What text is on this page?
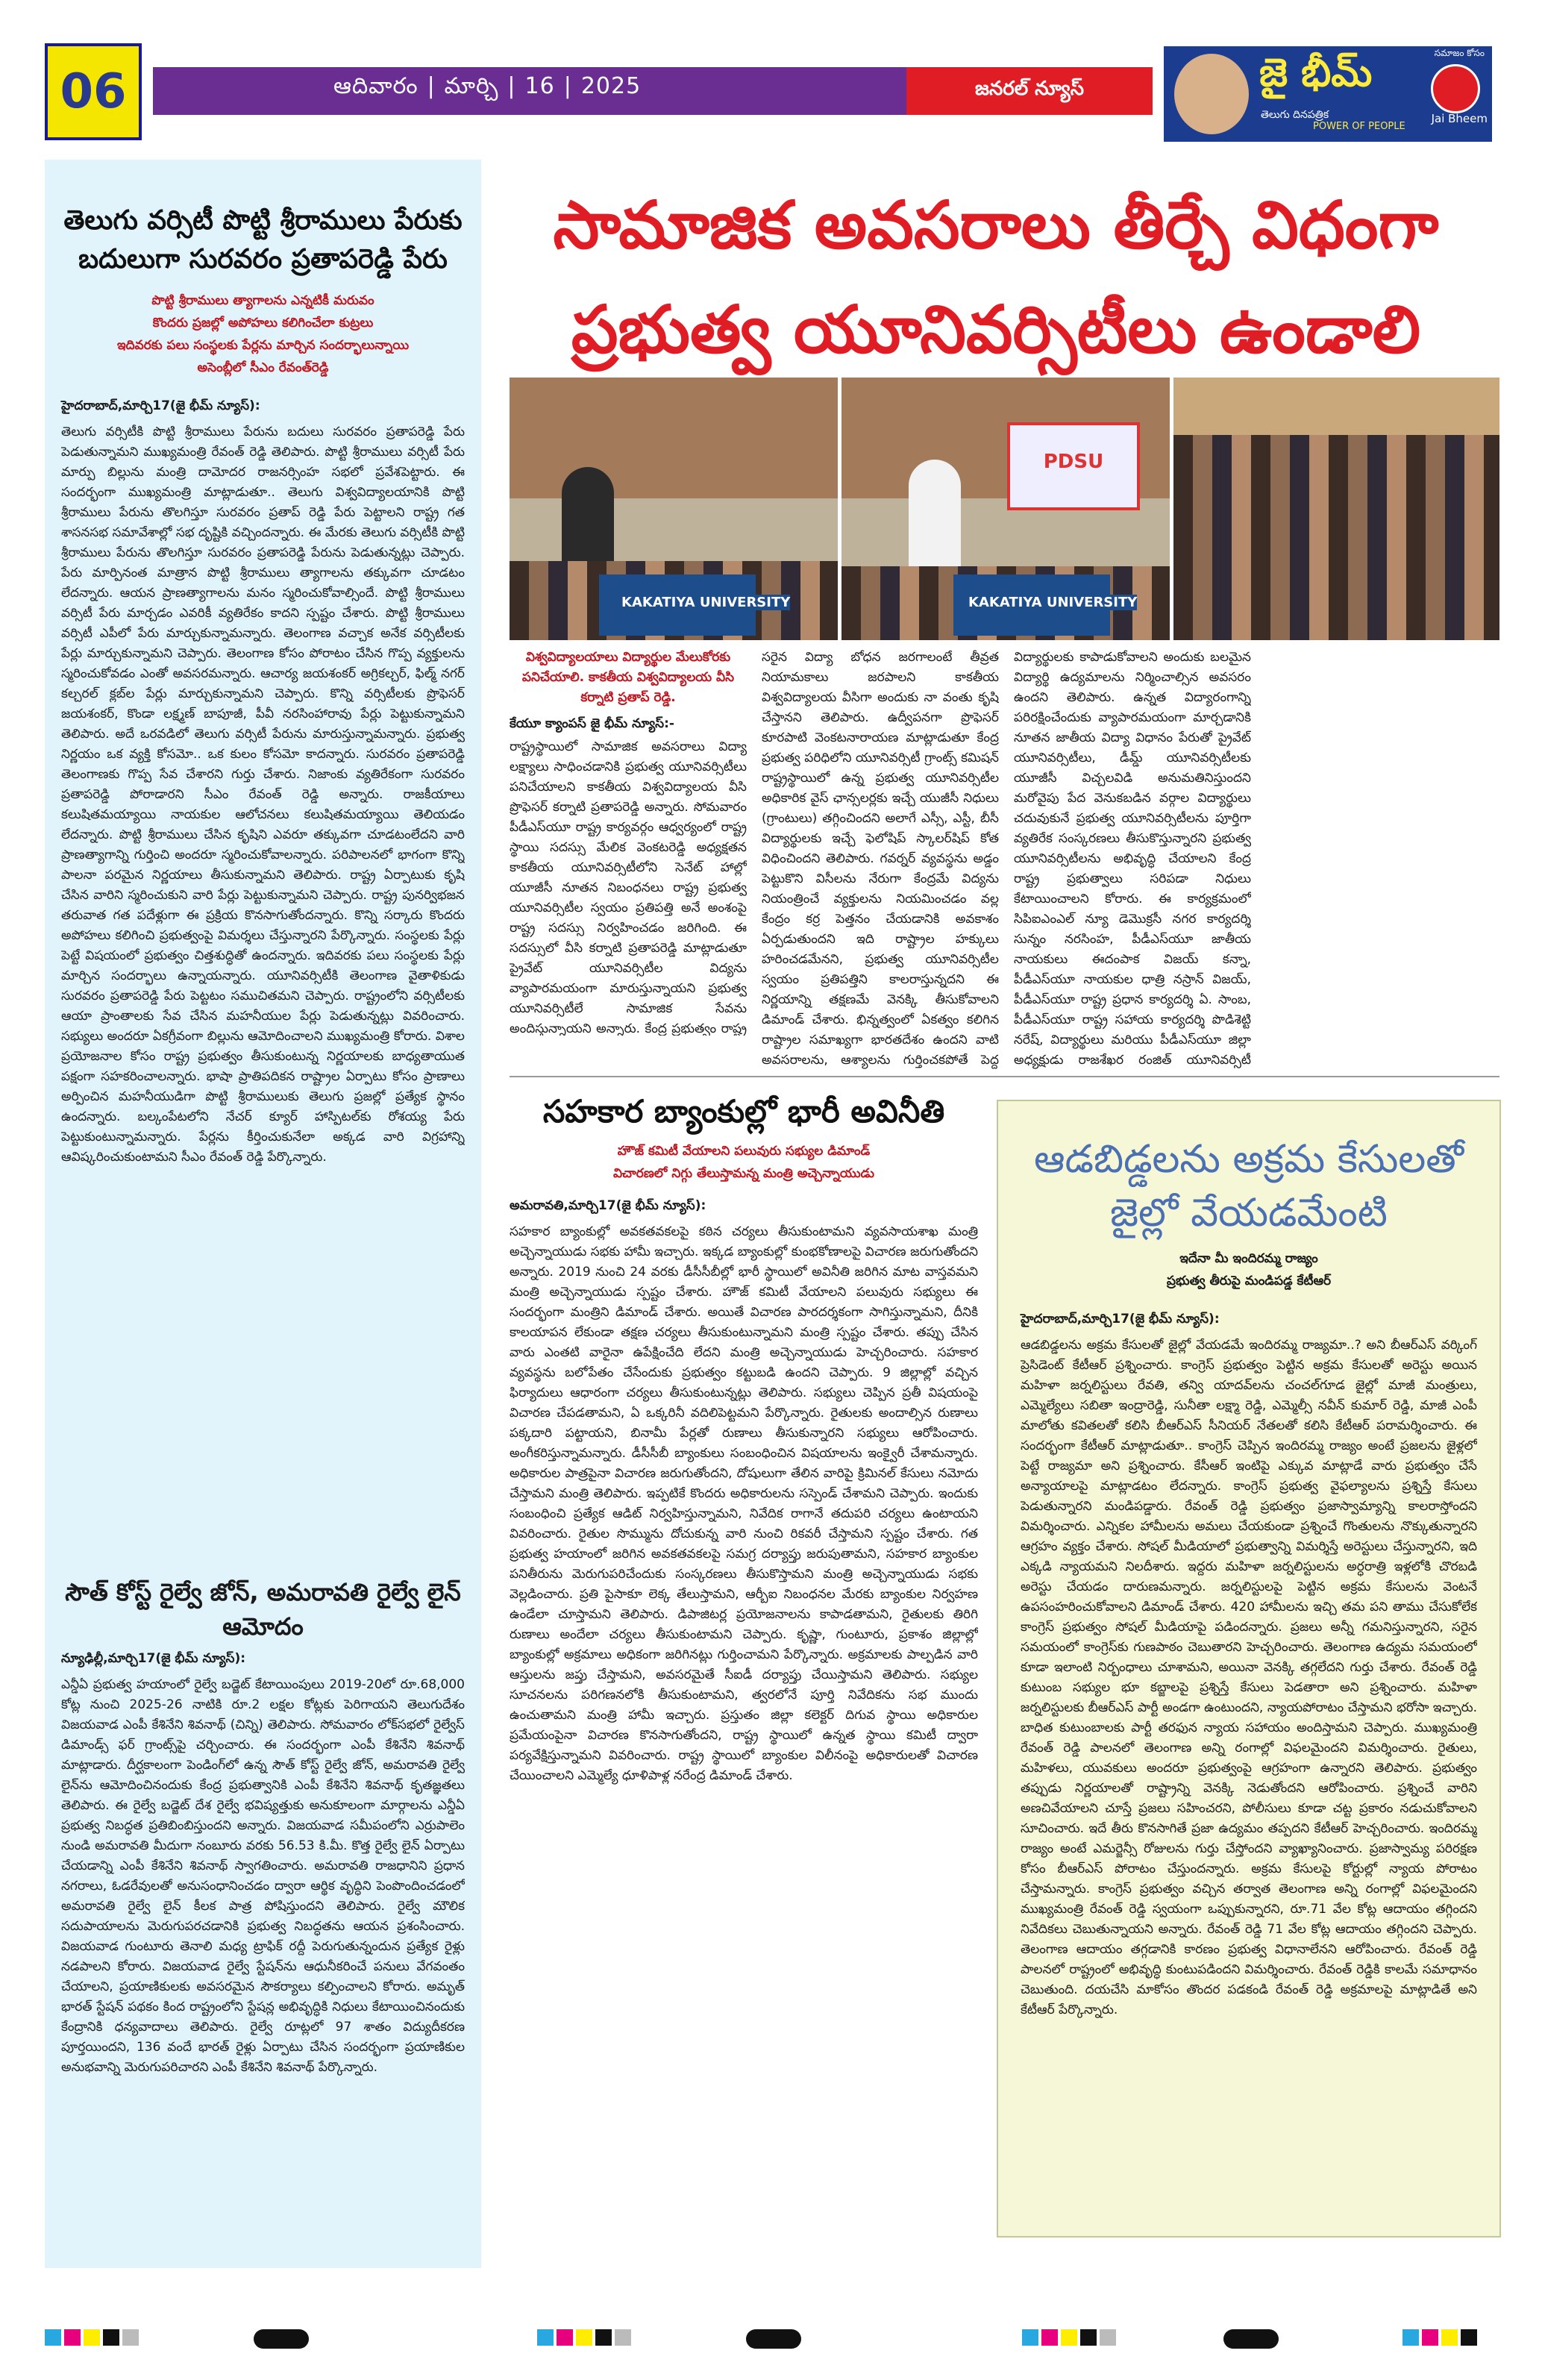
06	ఆదివారం | మార్చి | 16 | 2025	జనరల్ న్యూస్	జై భీమ్
తెలుగు దినపత్రిక
సమాజం కోసం
Jai Bheem
POWER OF PEOPLE
తెలుగు వర్సిటీ పొట్టి శ్రీరాములు పేరుకు బదులుగా సురవరం ప్రతాపరెడ్డి పేరు
పొట్టి శ్రీరాములు త్యాగాలను ఎన్నటికీ మరువం
కొందరు ప్రజల్లో అపోహలు కలిగించేలా కుట్రలు
ఇదివరకు పలు సంస్థలకు పేర్లను మార్చిన సందర్భాలున్నాయి
అసెంబ్లీలో సీఎం రేవంత్‌రెడ్డి
హైదరాబాద్,మార్చి17(జై భీమ్ న్యూస్):
తెలుగు వర్సిటీకి పొట్టి శ్రీరాములు పేరును బదులు సురవరం ప్రతాపరెడ్డి పేరు పెడుతున్నామని ముఖ్యమంత్రి రేవంత్ రెడ్డి తెలిపారు. పొట్టి శ్రీరాములు వర్సిటీ పేరు మార్పు బిల్లును మంత్రి దామోదర రాజనర్సింహ సభలో ప్రవేశపెట్టారు. ఈ సందర్భంగా ముఖ్యమంత్రి మాట్లాడుతూ.. తెలుగు విశ్వవిద్యాలయానికి పొట్టి శ్రీరాములు పేరును తొలగిస్తూ సురవరం ప్రతాప్ రెడ్డి పేరు పెట్టాలని రాష్ట్ర గత శాసనసభ సమావేశాల్లో సభ దృష్టికి వచ్చిందన్నారు. ఈ మేరకు తెలుగు వర్సిటీకి పొట్టి శ్రీరాములు పేరును తొలగిస్తూ సురవరం ప్రతాపరెడ్డి పేరును పెడుతున్నట్లు చెప్పారు. పేరు మార్పినంత మాత్రాన పొట్టి శ్రీరాములు త్యాగాలను తక్కువగా చూడటం లేదన్నారు. ఆయన ప్రాణత్యాగాలను మనం స్మరించుకోవాల్సిందే. పొట్టి శ్రీరాములు వర్సిటీ పేరు మార్చడం ఎవరికీ వ్యతిరేకం కాదని స్పష్టం చేశారు. పొట్టి శ్రీరాములు వర్సిటీ ఎపీలో పేరు మార్చుకున్నామన్నారు. తెలంగాణ వచ్చాక అనేక వర్సిటీలకు పేర్లు మార్చుకున్నామని చెప్పారు. తెలంగాణ కోసం పోరాటం చేసిన గొప్ప వ్యక్తులను స్మరించుకోవడం ఎంతో అవసరమన్నారు. ఆచార్య జయశంకర్ అగ్రికల్చర్, ఫిల్మ్ నగర్ కల్చరల్ క్లబ్‌ల పేర్లు మార్చుకున్నామని చెప్పారు. కొన్ని వర్సిటీలకు ప్రొఫెసర్ జయశంకర్, కొండా లక్ష్మణ్ బాపూజీ, పీవీ నరసింహారావు పేర్లు పెట్టుకున్నామని తెలిపారు. అదే ఒరవడిలో తెలుగు వర్సిటీ పేరును మారుస్తున్నామన్నారు. ప్రభుత్వ నిర్ణయం ఒక వ్యక్తి కోసమో.. ఒక కులం కోసమో కాదన్నారు. సురవరం ప్రతాపరెడ్డి తెలంగాణకు గొప్ప సేవ చేశారని గుర్తు చేశారు. నిజాంకు వ్యతిరేకంగా సురవరం ప్రతాపరెడ్డి పోరాడారని సీఎం రేవంత్ రెడ్డి అన్నారు. రాజకీయాలు కలుషితమయ్యాయి నాయకుల ఆలోచనలు కలుషితమయ్యాయి తెలియడం లేదన్నారు. పొట్టి శ్రీరాములు చేసిన కృషిని ఎవరూ తక్కువగా చూడటంలేదని వారి ప్రాణత్యాగాన్ని గుర్తించి అందరూ స్మరించుకోవాలన్నారు. పరిపాలనలో భాగంగా కొన్ని పాలనా పరమైన నిర్ణయాలు తీసుకున్నామని తెలిపారు. రాష్ట్ర ఏర్పాటుకు కృషి చేసిన వారిని స్మరించుకుని వారి పేర్లు పెట్టుకున్నామని చెప్పారు. రాష్ట్ర పునర్విభజన తరువాత గత పదేళ్లుగా ఈ ప్రక్రియ కొనసాగుతోందన్నారు. కొన్ని సర్కారు కొందరు అపోహలు కలిగించి ప్రభుత్వంపై విమర్శలు చేస్తున్నారని పేర్కొన్నారు. సంస్థలకు పేర్లు పెట్టే విషయంలో ప్రభుత్వం చిత్తశుద్ధితో ఉందన్నారు. ఇదివరకు పలు సంస్థలకు పేర్లు మార్చిన సందర్భాలు ఉన్నాయన్నారు. యూనివర్సిటీకి తెలంగాణ వైతాళికుడు సురవరం ప్రతాపరెడ్డి పేరు పెట్టటం సముచితమని చెప్పారు. రాష్ట్రంలోని వర్సిటీలకు ఆయా ప్రాంతాలకు సేవ చేసిన మహనీయుల పేర్లు పెడుతున్నట్లు వివరించారు. సభ్యులు అందరూ ఏకగ్రీవంగా బిల్లును ఆమోదించాలని ముఖ్యమంత్రి కోరారు. విశాల ప్రయోజనాల కోసం రాష్ట్ర ప్రభుత్వం తీసుకుంటున్న నిర్ణయాలకు బాధ్యతాయుత పక్షంగా సహకరించాలన్నారు. భాషా ప్రాతిపదికన రాష్ట్రాల ఏర్పాటు కోసం ప్రాణాలు అర్పించిన మహనీయుడిగా పొట్టి శ్రీరాములుకు తెలుగు ప్రజల్లో ప్రత్యేక స్థానం ఉందన్నారు. బల్కంపేటలోని నేచర్ క్యూర్ హాస్పిటల్‌కు రోశయ్య పేరు పెట్టుకుంటున్నామన్నారు. పేర్లను కీర్తించుకునేలా అక్కడ వారి విగ్రహాన్ని ఆవిష్కరించుకుంటామని సీఎం రేవంత్ రెడ్డి పేర్కొన్నారు.
సౌత్ కోస్ట్ రైల్వే జోన్, అమరావతి రైల్వే లైన్ ఆమోదం
న్యూఢిల్లీ,మార్చి17(జై భీమ్ న్యూస్):
ఎన్డీఏ ప్రభుత్వ హయాంలో రైల్వే బడ్జెట్ కేటాయింపులు 2019-20లో రూ.68,000 కోట్ల నుంచి 2025-26 నాటికి రూ.2 లక్షల కోట్లకు పెరిగాయని తెలుగుదేశం విజయవాడ ఎంపీ కేశినేని శివనాథ్ (చిన్ని) తెలిపారు. సోమవారం లోక్‌సభలో రైల్వేస్ డిమాండ్స్ ఫర్ గ్రాంట్స్‌పై చర్చించారు. ఈ సందర్భంగా ఎంపీ కేశినేని శివనాథ్ మాట్లాడారు. దీర్ఘకాలంగా పెండింగ్‌లో ఉన్న సౌత్ కోస్ట్ రైల్వే జోన్, అమరావతి రైల్వే లైన్‌ను ఆమోదించినందుకు కేంద్ర ప్రభుత్వానికి ఎంపీ కేశినేని శివనాథ్ కృతజ్ఞతలు తెలిపారు. ఈ రైల్వే బడ్జెట్ దేశ రైల్వే భవిష్యత్తుకు అనుకూలంగా మార్గాలను ఎన్డీఏ ప్రభుత్వ నిబద్ధత ప్రతిబింబిస్తుందని అన్నారు. విజయవాడ సమీపంలోని ఎర్రుపాలెం నుండి అమరావతి మీదుగా నంబూరు వరకు 56.53 కి.మీ. కొత్త రైల్వే లైన్ ఏర్పాటు చేయడాన్ని ఎంపీ కేశినేని శివనాథ్ స్వాగతించారు. అమరావతి రాజధానిని ప్రధాన నగరాలు, ఓడరేవులతో అనుసంధానించడం ద్వారా ఆర్థిక వృద్ధిని పెంపొందించడంలో అమరావతి రైల్వే లైన్ కీలక పాత్ర పోషిస్తుందని తెలిపారు. రైల్వే మౌలిక సదుపాయాలను మెరుగుపరచడానికి ప్రభుత్వ నిబద్ధతను ఆయన ప్రశంసించారు. విజయవాడ గుంటూరు తెనాలి మధ్య ట్రాఫిక్ రద్దీ పెరుగుతున్నందున ప్రత్యేక రైళ్లు నడపాలని కోరారు. విజయవాడ రైల్వే స్టేషన్‌ను ఆధునీకరించే పనులు వేగవంతం చేయాలని, ప్రయాణికులకు అవసరమైన సౌకర్యాలు కల్పించాలని కోరారు. అమృత్ భారత్ స్టేషన్ పథకం కింద రాష్ట్రంలోని స్టేషన్ల అభివృద్ధికి నిధులు కేటాయించినందుకు కేంద్రానికి ధన్యవాదాలు తెలిపారు. రైల్వే రూట్లలో 97 శాతం విద్యుదీకరణ పూర్తయిందని, 136 వందే భారత్ రైళ్లు ఏర్పాటు చేసిన సందర్భంగా ప్రయాణికుల అనుభవాన్ని మెరుగుపరిచారని ఎంపీ కేశినేని శివనాథ్ పేర్కొన్నారు.
సామాజిక అవసరాలు తీర్చే విధంగా
ప్రభుత్వ యూనివర్సిటీలు ఉండాలి
KAKATIYA UNIVERSITY
PDSU
KAKATIYA UNIVERSITY
విశ్వవిద్యాలయాలు విద్యార్థుల మేలుకోరకు పనిచేయాలి. కాకతీయ విశ్వవిద్యాలయ వీసి కర్నాటి ప్రతాప్ రెడ్డి.
కేయూ క్యాంపస్ జై భీమ్ న్యూస్:-
రాష్ట్రస్థాయిలో సామాజిక అవసరాలు విద్యా లక్ష్యాలు సాధించడానికి ప్రభుత్వ యూనివర్సిటీలు పనిచేయాలని కాకతీయ విశ్వవిద్యాలయ వీసి ప్రొఫెసర్ కర్నాటి ప్రతాపరెడ్డి అన్నారు. సోమవారం పీడీఎస్‌యూ రాష్ట్ర కార్యవర్గం ఆధ్వర్యంలో రాష్ట్ర స్థాయి సదస్సు మేలిక వెంకటరెడ్డి అధ్యక్షతన కాకతీయ యూనివర్సిటీలోని సెనేట్ హాల్లో యూజీసీ నూతన నిబంధనలు రాష్ట్ర ప్రభుత్వ యూనివర్సిటీల స్వయం ప్రతిపత్తి అనే అంశంపై రాష్ట్ర సదస్సు నిర్వహించడం జరిగింది. ఈ సదస్సులో వీసి కర్నాటి ప్రతాపరెడ్డి మాట్లాడుతూ ప్రైవేట్ యూనివర్సిటీల విద్యను వ్యాపారమయంగా మారుస్తున్నాయని ప్రభుత్వ యూనివర్సిటీలే సామాజిక సేవను అందిస్తున్నాయని అన్నారు. కేంద్ర ప్రభుత్వం రాష్ట్ర
సరైన విద్యా బోధన జరగాలంటే తీవ్రత నియామకాలు జరపాలని కాకతీయ విశ్వవిద్యాలయ వీసిగా అందుకు నా వంతు కృషి చేస్తానని తెలిపారు. ఉద్వీపనగా ప్రొఫెసర్ కూరపాటి వెంకటనారాయణ మాట్లాడుతూ కేంద్ర ప్రభుత్వ పరిధిలోని యూనివర్సిటీ గ్రాంట్స్ కమిషన్ రాష్ట్రస్థాయిలో ఉన్న ప్రభుత్వ యూనివర్సిటీల అధికారిక వైస్ ఛాన్సలర్లకు ఇచ్చే యుజీసీ నిధులు (గ్రాంటులు) తగ్గించిందని అలాగే ఎస్సీ, ఎస్టీ, బీసీ విద్యార్థులకు ఇచ్చే ఫెలోషిప్ స్కాలర్‌షిప్ కోత విధించిందని తెలిపారు. గవర్నర్ వ్యవస్థను అడ్డం పెట్టుకొని విసీలను నేరుగా కేంద్రమే విద్యను నియంత్రించే వ్యక్తులను నియమించడం వల్ల కేంద్రం కర్ర పెత్తనం చేయడానికి అవకాశం ఏర్పడుతుందని ఇది రాష్ట్రాల హక్కులు హరించడమేనని, ప్రభుత్వ యూనివర్సిటీల స్వయం ప్రతిపత్తిని కాలరాస్తున్నదని ఈ నిర్ణయాన్ని తక్షణమే వెనక్కి తీసుకోవాలని డిమాండ్ చేశారు. భిన్నత్వంలో ఏకత్వం కలిగిన రాష్ట్రాల సమాఖ్యగా భారతదేశం ఉందని వాటి అవసరాలను, ఆశ్యాలను గుర్తించకపోతే పెద్ద
విద్యార్థులకు కాపాడుకోవాలని అందుకు బలమైన విద్యార్థి ఉద్యమాలను నిర్మించాల్సిన అవసరం ఉందని తెలిపారు. ఉన్నత విద్యారంగాన్ని పరిరక్షించేందుకు వ్యాపారమయంగా మార్చడానికి నూతన జాతీయ విద్యా విధానం పేరుతో ప్రైవేట్ యూనివర్సిటీలు, డీమ్డ్ యూనివర్సిటీలకు యూజీసీ విచ్చలవిడి అనుమతినిస్తుందని మరోవైపు పేద వెనుకబడిన వర్గాల విద్యార్థులు చదువుకునే ప్రభుత్వ యూనివర్సిటీలను పూర్తిగా వ్యతిరేక సంస్కరణలు తీసుకొస్తున్నారని ప్రభుత్వ యూనివర్సిటీలను అభివృద్ధి చేయాలని కేంద్ర రాష్ట్ర ప్రభుత్వాలు సరిపడా నిధులు కేటాయించాలని కోరారు. ఈ కార్యక్రమంలో సిపిఐఎంఎల్ న్యూ డెమొక్రసీ నగర కార్యదర్శి సున్నం నరసింహ, పీడీఎస్‌యూ జాతీయ నాయకులు ఈదంపాక విజయ్ కన్నా, పీడీఎస్‌యూ నాయకుల ధాత్రి నస్రాన్ విజయ్, పీడీఎస్‌యూ రాష్ట్ర ప్రధాన కార్యదర్శి ఏ. సాంబ, పీడీఎస్‌యూ రాష్ట్ర సహాయ కార్యదర్శి పొడిశెట్టి నరేష్, విద్యార్థులు మరియు పీడీఎస్‌యూ జిల్లా అధ్యక్షుడు రాజశేఖర రంజిత్ యూనివర్సిటీ
సహకార బ్యాంకుల్లో భారీ అవినీతి
హౌజ్ కమిటీ వేయాలని పలువురు సభ్యుల డిమాండ్
విచారణలో నిగ్గు తేలుస్తామన్న మంత్రి అచ్చెన్నాయుడు
అమరావతి,మార్చి17(జై భీమ్ న్యూస్):
సహకార బ్యాంకుల్లో అవకతవకలపై కఠిన చర్యలు తీసుకుంటామని వ్యవసాయశాఖ మంత్రి అచ్చెన్నాయుడు సభకు హామీ ఇచ్చారు. ఇక్కడ బ్యాంకుల్లో కుంభకోణాలపై విచారణ జరుగుతోందని అన్నారు. 2019 నుంచి 24 వరకు డీసీసీబీల్లో భారీ స్థాయిలో అవినీతి జరిగిన మాట వాస్తవమని మంత్రి అచ్చెన్నాయుడు స్పష్టం చేశారు. హౌజ్ కమిటీ వేయాలని పలువురు సభ్యులు ఈ సందర్భంగా మంత్రిని డిమాండ్ చేశారు. అయితే విచారణ పారదర్శకంగా సాగిస్తున్నామని, దీనికి కాలయాపన లేకుండా తక్షణ చర్యలు తీసుకుంటున్నామని మంత్రి స్పష్టం చేశారు. తప్పు చేసిన వారు ఎంతటి వారైనా ఉపేక్షించేది లేదని మంత్రి అచ్చెన్నాయుడు హెచ్చరించారు. సహకార వ్యవస్థను బలోపేతం చేసేందుకు ప్రభుత్వం కట్టుబడి ఉందని చెప్పారు. 9 జిల్లాల్లో వచ్చిన ఫిర్యాదులు ఆధారంగా చర్యలు తీసుకుంటున్నట్లు తెలిపారు. సభ్యులు చెప్పిన ప్రతీ విషయంపై విచారణ చేపడతామని, ఏ ఒక్కరినీ వదిలిపెట్టమని పేర్కొన్నారు. రైతులకు అందాల్సిన రుణాలు పక్కదారి పట్టాయని, బినామీ పేర్లతో రుణాలు తీసుకున్నారని సభ్యులు ఆరోపించారు. అంగీకరిస్తున్నామన్నారు. డీసీసీబీ బ్యాంకులు సంబంధించిన విషయాలను ఇంక్వైరీ చేశామన్నారు. అధికారుల పాత్రపైనా విచారణ జరుగుతోందని, దోషులుగా తేలిన వారిపై క్రిమినల్ కేసులు నమోదు చేస్తామని మంత్రి తెలిపారు. ఇప్పటికే కొందరు అధికారులను సస్పెండ్ చేశామని చెప్పారు. ఇందుకు సంబంధించి ప్రత్యేక ఆడిట్ నిర్వహిస్తున్నామని, నివేదిక రాగానే తదుపరి చర్యలు ఉంటాయని వివరించారు. రైతుల సొమ్మును దోచుకున్న వారి నుంచి రికవరీ చేస్తామని స్పష్టం చేశారు. గత ప్రభుత్వ హయాంలో జరిగిన అవకతవకలపై సమగ్ర దర్యాప్తు జరుపుతామని, సహకార బ్యాంకుల పనితీరును మెరుగుపరిచేందుకు సంస్కరణలు తీసుకొస్తామని మంత్రి అచ్చెన్నాయుడు సభకు వెల్లడించారు. ప్రతి పైసాకూ లెక్క తేలుస్తామని, ఆర్బీఐ నిబంధనల మేరకు బ్యాంకుల నిర్వహణ ఉండేలా చూస్తామని తెలిపారు. డిపాజిటర్ల ప్రయోజనాలను కాపాడతామని, రైతులకు తిరిగి రుణాలు అందేలా చర్యలు తీసుకుంటామని చెప్పారు. కృష్ణా, గుంటూరు, ప్రకాశం జిల్లాల్లో బ్యాంకుల్లో అక్రమాలు అధికంగా జరిగినట్లు గుర్తించామని పేర్కొన్నారు. అక్రమాలకు పాల్పడిన వారి ఆస్తులను జప్తు చేస్తామని, అవసరమైతే సీఐడీ దర్యాప్తు చేయిస్తామని తెలిపారు. సభ్యుల సూచనలను పరిగణనలోకి తీసుకుంటామని, త్వరలోనే పూర్తి నివేదికను సభ ముందు ఉంచుతామని మంత్రి హామీ ఇచ్చారు. ప్రస్తుతం జిల్లా కలెక్టర్ దిగువ స్థాయి అధికారుల ప్రమేయంపైనా విచారణ కొనసాగుతోందని, రాష్ట్ర స్థాయిలో ఉన్నత స్థాయి కమిటీ ద్వారా పర్యవేక్షిస్తున్నామని వివరించారు. రాష్ట్ర స్థాయిలో బ్యాంకుల విలీనంపై అధికారులతో విచారణ చేయించాలని ఎమ్మెల్యే ధూళిపాళ్ల నరేంద్ర డిమాండ్ చేశారు.
ఆడబిడ్డలను అక్రమ కేసులతో జైల్లో వేయడమేంటి
ఇదేనా మీ ఇందిరమ్మ రాజ్యం
ప్రభుత్వ తీరుపై మండిపడ్డ కేటీఆర్
హైదరాబాద్,మార్చి17(జై భీమ్ న్యూస్):
ఆడబిడ్డలను అక్రమ కేసులతో జైల్లో వేయడమే ఇందిరమ్మ రాజ్యమా..? అని బీఆర్ఎస్ వర్కింగ్ ప్రెసిడెంట్ కేటీఆర్ ప్రశ్నించారు. కాంగ్రెస్ ప్రభుత్వం పెట్టిన అక్రమ కేసులతో అరెస్టు అయిన మహిళా జర్నలిస్టులు రేవతి, తన్వి యాదవ్‌లను చంచల్‌గూడ జైల్లో మాజీ మంత్రులు, ఎమ్మెల్యేలు సబితా ఇంద్రారెడ్డి, సునీతా లక్ష్మా రెడ్డి, ఎమ్మెల్సీ నవీన్ కుమార్ రెడ్డి, మాజీ ఎంపీ మాలోతు కవితలతో కలిసి బీఆర్ఎస్ సీనియర్ నేతలతో కలిసి కేటీఆర్ పరామర్శించారు. ఈ సందర్భంగా కేటీఆర్ మాట్లాడుతూ.. కాంగ్రెస్ చెప్పిన ఇందిరమ్మ రాజ్యం అంటే ప్రజలను జైళ్లలో పెట్టే రాజ్యమా అని ప్రశ్నించారు. కేసీఆర్ ఇంటిపై ఎక్కువ మాట్లాడే వారు ప్రభుత్వం చేసే అన్యాయాలపై మాట్లాడటం లేదన్నారు. కాంగ్రెస్ ప్రభుత్వ వైఫల్యాలను ప్రశ్నిస్తే కేసులు పెడుతున్నారని మండిపడ్డారు. రేవంత్ రెడ్డి ప్రభుత్వం ప్రజాస్వామ్యాన్ని కాలరాస్తోందని విమర్శించారు. ఎన్నికల హామీలను అమలు చేయకుండా ప్రశ్నించే గొంతులను నొక్కుతున్నారని ఆగ్రహం వ్యక్తం చేశారు. సోషల్ మీడియాలో ప్రభుత్వాన్ని విమర్శిస్తే అరెస్టులు చేస్తున్నారని, ఇది ఎక్కడి న్యాయమని నిలదీశారు. ఇద్దరు మహిళా జర్నలిస్టులను అర్ధరాత్రి ఇళ్లలోకి చొరబడి అరెస్టు చేయడం దారుణమన్నారు. జర్నలిస్టులపై పెట్టిన అక్రమ కేసులను వెంటనే ఉపసంహరించుకోవాలని డిమాండ్ చేశారు. 420 హామీలను ఇచ్చి తమ పని తాము చేసుకోలేక కాంగ్రెస్ ప్రభుత్వం సోషల్ మీడియాపై పడిందన్నారు. ప్రజలు అన్నీ గమనిస్తున్నారని, సరైన సమయంలో కాంగ్రెస్‌కు గుణపాఠం చెబుతారని హెచ్చరించారు. తెలంగాణ ఉద్యమ సమయంలో కూడా ఇలాంటి నిర్బంధాలు చూశామని, అయినా వెనక్కి తగ్గలేదని గుర్తు చేశారు. రేవంత్ రెడ్డి కుటుంబ సభ్యుల భూ కబ్జాలపై ప్రశ్నిస్తే కేసులు పెడతారా అని ప్రశ్నించారు. మహిళా జర్నలిస్టులకు బీఆర్ఎస్ పార్టీ అండగా ఉంటుందని, న్యాయపోరాటం చేస్తామని భరోసా ఇచ్చారు. బాధిత కుటుంబాలకు పార్టీ తరఫున న్యాయ సహాయం అందిస్తామని చెప్పారు. ముఖ్యమంత్రి రేవంత్ రెడ్డి పాలనలో తెలంగాణ అన్ని రంగాల్లో విఫలమైందని విమర్శించారు. రైతులు, మహిళలు, యువకులు అందరూ ప్రభుత్వంపై ఆగ్రహంగా ఉన్నారని తెలిపారు. ప్రభుత్వం తప్పుడు నిర్ణయాలతో రాష్ట్రాన్ని వెనక్కి నెడుతోందని ఆరోపించారు. ప్రశ్నించే వారిని అణచివేయాలని చూస్తే ప్రజలు సహించరని, పోలీసులు కూడా చట్ట ప్రకారం నడుచుకోవాలని సూచించారు. ఇదే తీరు కొనసాగితే ప్రజా ఉద్యమం తప్పదని కేటీఆర్ హెచ్చరించారు. ఇందిరమ్మ రాజ్యం అంటే ఎమర్జెన్సీ రోజులను గుర్తు చేస్తోందని వ్యాఖ్యానించారు. ప్రజాస్వామ్య పరిరక్షణ కోసం బీఆర్ఎస్ పోరాటం చేస్తుందన్నారు. అక్రమ కేసులపై కోర్టుల్లో న్యాయ పోరాటం చేస్తామన్నారు. కాంగ్రెస్ ప్రభుత్వం వచ్చిన తర్వాత తెలంగాణ అన్ని రంగాల్లో విఫలమైందని ముఖ్యమంత్రి రేవంత్ రెడ్డి స్వయంగా ఒప్పుకున్నారని, రూ.71 వేల కోట్ల ఆదాయం తగ్గిందని నివేదికలు చెబుతున్నాయని అన్నారు. రేవంత్ రెడ్డి 71 వేల కోట్ల ఆదాయం తగ్గిందని చెప్పారు. తెలంగాణ ఆదాయం తగ్గడానికి కారణం ప్రభుత్వ విధానాలేనని ఆరోపించారు. రేవంత్ రెడ్డి పాలనలో రాష్ట్రంలో అభివృద్ధి కుంటుపడిందని విమర్శించారు. రేవంత్ రెడ్డికి కాలమే సమాధానం చెబుతుంది. దయచేసి మాకోసం తొందర పడకండి రేవంత్ రెడ్డి అక్రమాలపై మాట్లాడితే అని కేటీఆర్ పేర్కొన్నారు.
